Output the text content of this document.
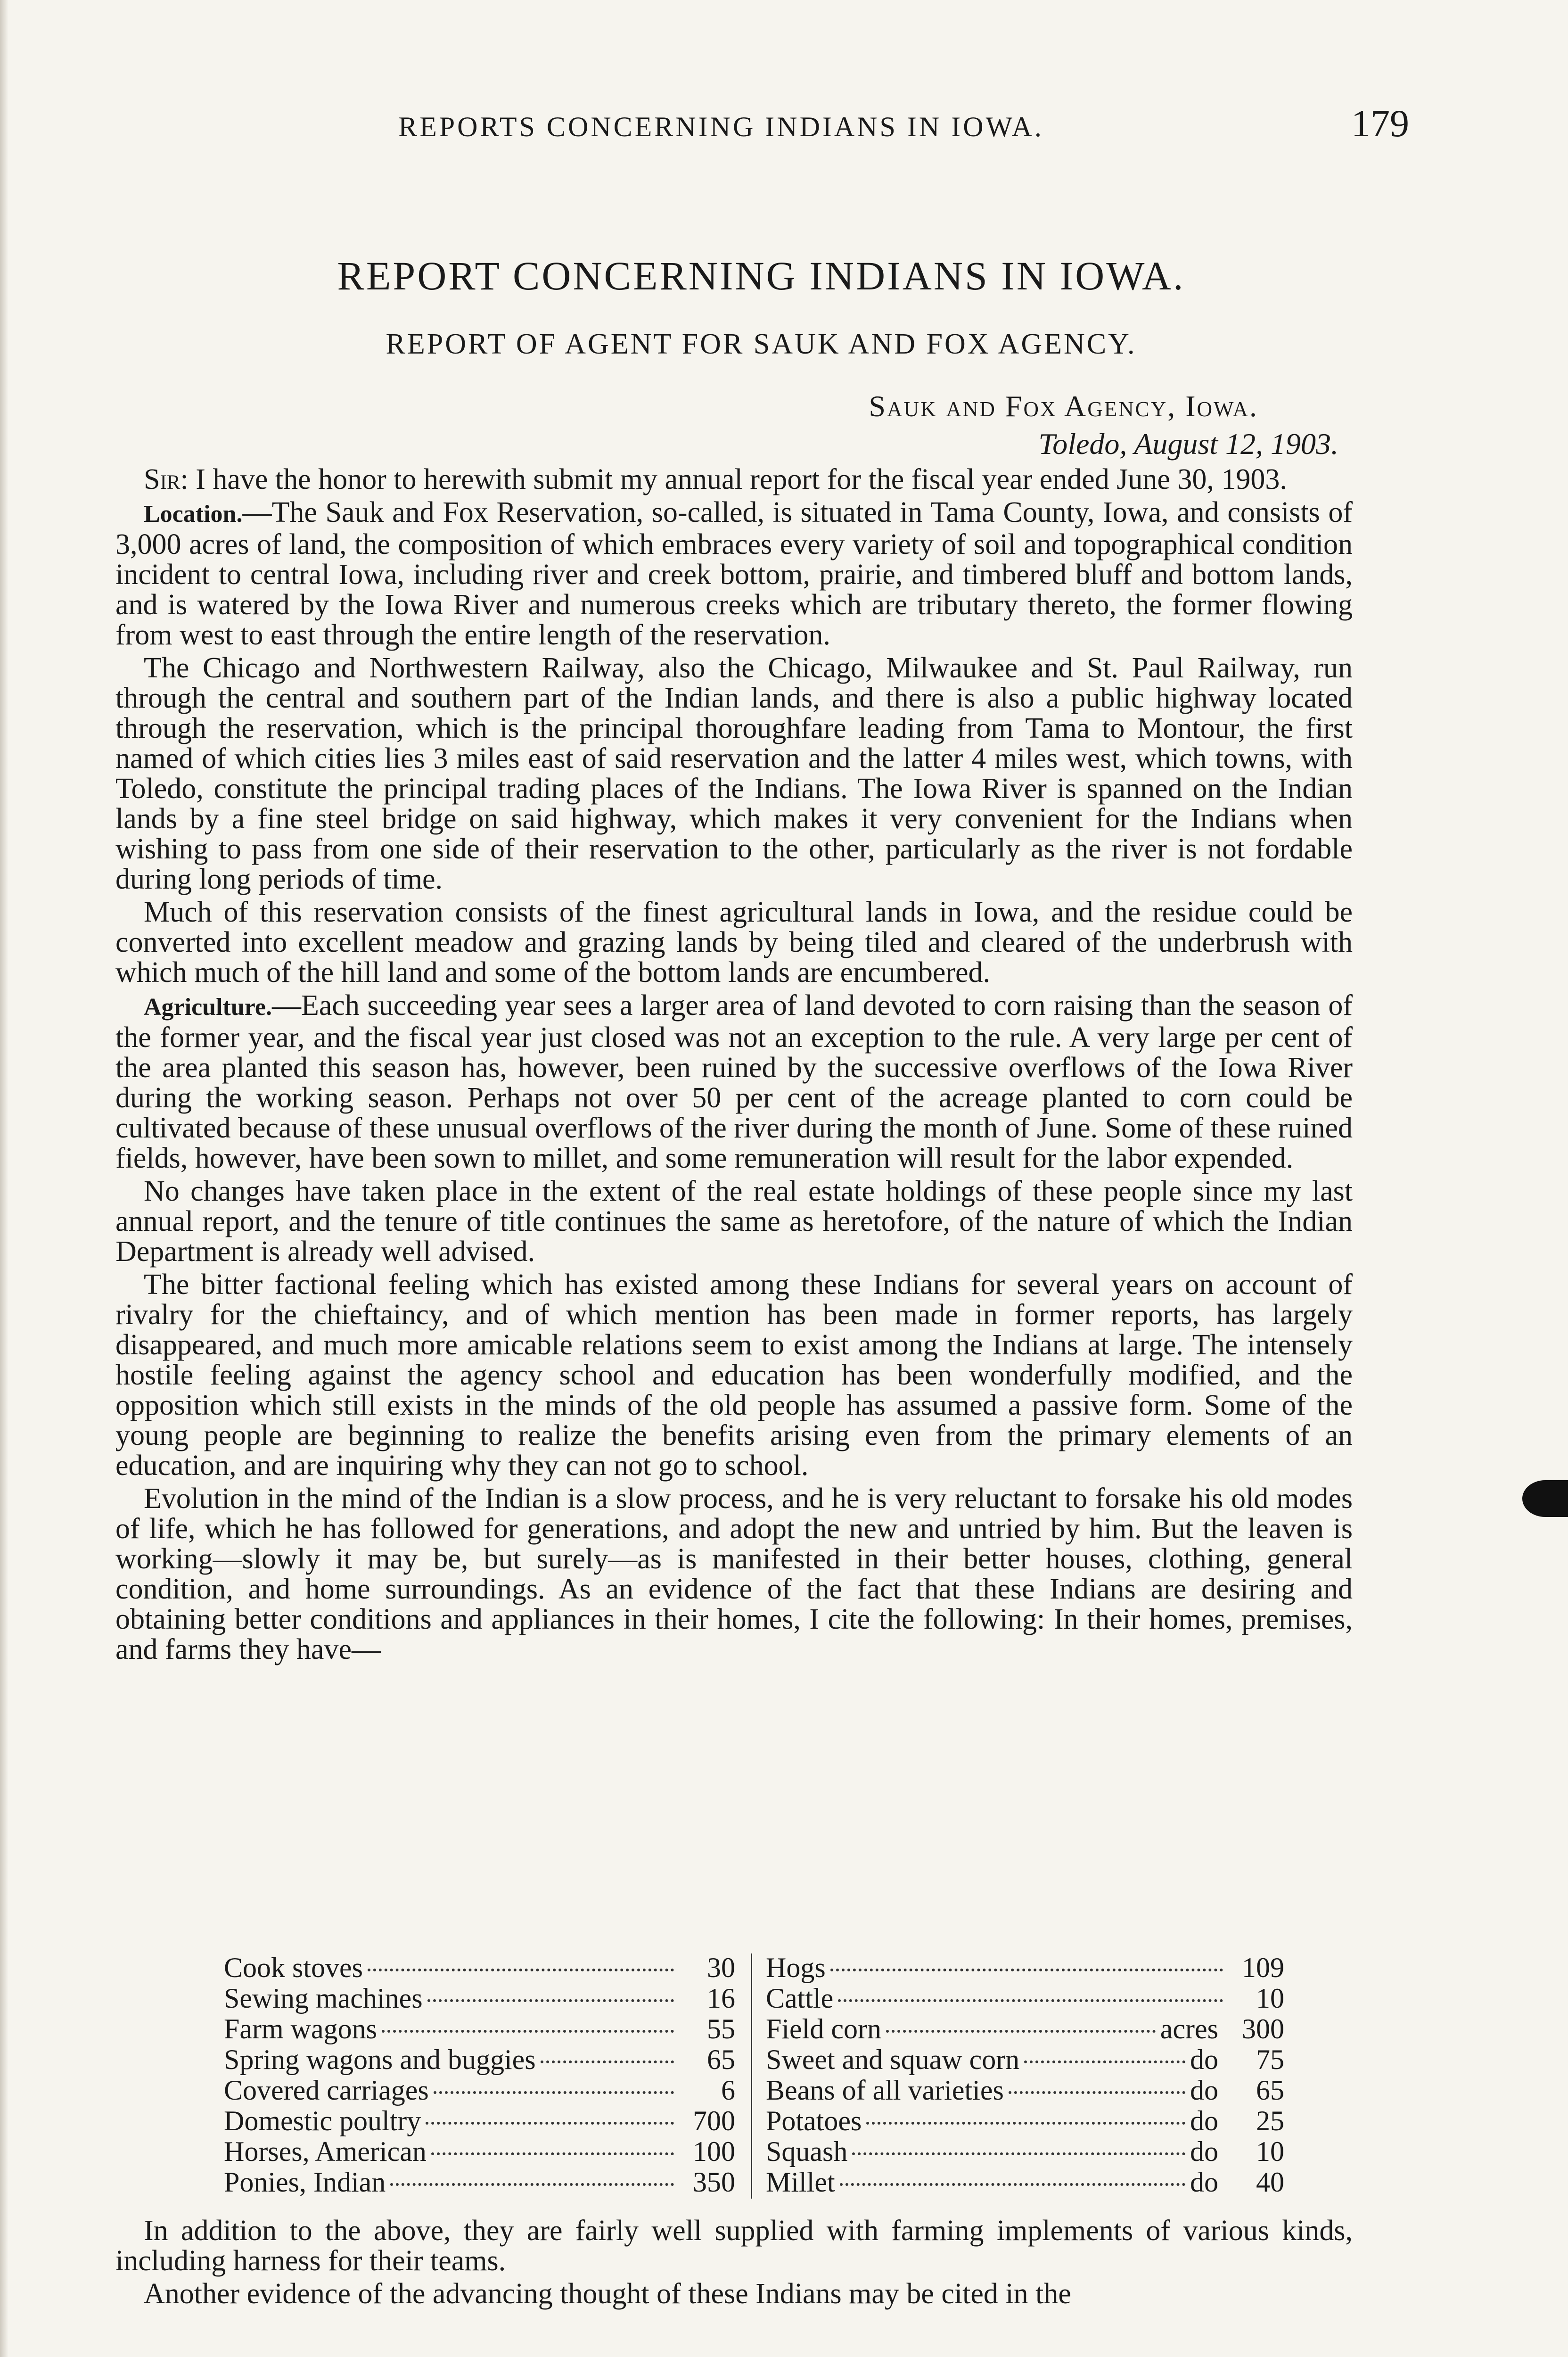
REPORTS CONCERNING INDIANS IN IOWA.	179
REPORT CONCERNING INDIANS IN IOWA.
REPORT OF AGENT FOR SAUK AND FOX AGENCY.
Sauk and Fox Agency, Iowa.
Toledo, August 12, 1903.

Sir: I have the honor to herewith submit my annual report for the fiscal year ended June 30, 1903.

Location.—The Sauk and Fox Reservation, so-called, is situated in Tama County, Iowa, and consists of 3,000 acres of land, the composition of which embraces every variety of soil and topographical condition incident to central Iowa, including river and creek bottom, prairie, and timbered bluff and bottom lands, and is watered by the Iowa River and numerous creeks which are tributary thereto, the former flowing from west to east through the entire length of the reservation.

The Chicago and Northwestern Railway, also the Chicago, Milwaukee and St. Paul Railway, run through the central and southern part of the Indian lands, and there is also a public highway located through the reservation, which is the principal thoroughfare leading from Tama to Montour, the first named of which cities lies 3 miles east of said reservation and the latter 4 miles west, which towns, with Toledo, constitute the principal trading places of the Indians. The Iowa River is spanned on the Indian lands by a fine steel bridge on said highway, which makes it very convenient for the Indians when wishing to pass from one side of their reservation to the other, particularly as the river is not fordable during long periods of time.

Much of this reservation consists of the finest agricultural lands in Iowa, and the residue could be converted into excellent meadow and grazing lands by being tiled and cleared of the underbrush with which much of the hill land and some of the bottom lands are encumbered.

Agriculture.—Each succeeding year sees a larger area of land devoted to corn raising than the season of the former year, and the fiscal year just closed was not an exception to the rule. A very large per cent of the area planted this season has, however, been ruined by the successive overflows of the Iowa River during the working season. Perhaps not over 50 per cent of the acreage planted to corn could be cultivated because of these unusual overflows of the river during the month of June. Some of these ruined fields, however, have been sown to millet, and some remuneration will result for the labor expended.

No changes have taken place in the extent of the real estate holdings of these people since my last annual report, and the tenure of title continues the same as heretofore, of the nature of which the Indian Department is already well advised.

The bitter factional feeling which has existed among these Indians for several years on account of rivalry for the chieftaincy, and of which mention has been made in former reports, has largely disappeared, and much more amicable relations seem to exist among the Indians at large. The intensely hostile feeling against the agency school and education has been wonderfully modified, and the opposition which still exists in the minds of the old people has assumed a passive form. Some of the young people are beginning to realize the benefits arising even from the primary elements of an education, and are inquiring why they can not go to school.

Evolution in the mind of the Indian is a slow process, and he is very reluctant to forsake his old modes of life, which he has followed for generations, and adopt the new and untried by him. But the leaven is working—slowly it may be, but surely—as is manifested in their better houses, clothing, general condition, and home surroundings. As an evidence of the fact that these Indians are desiring and obtaining better conditions and appliances in their homes, I cite the following: In their homes, premises, and farms they have—

Cook stoves	30
Sewing machines	16
Farm wagons	55
Spring wagons and buggies	65
Covered carriages	6
Domestic poultry	700
Horses, American	100
Ponies, Indian	350
Hogs	109
Cattle	10
Field corn	acres 300
Sweet and squaw corn	do	75
Beans of all varieties	do	65
Potatoes	do	25
Squash	do	10
Millet	do	40

In addition to the above, they are fairly well supplied with farming implements of various kinds, including harness for their teams.

Another evidence of the advancing thought of these Indians may be cited in the
